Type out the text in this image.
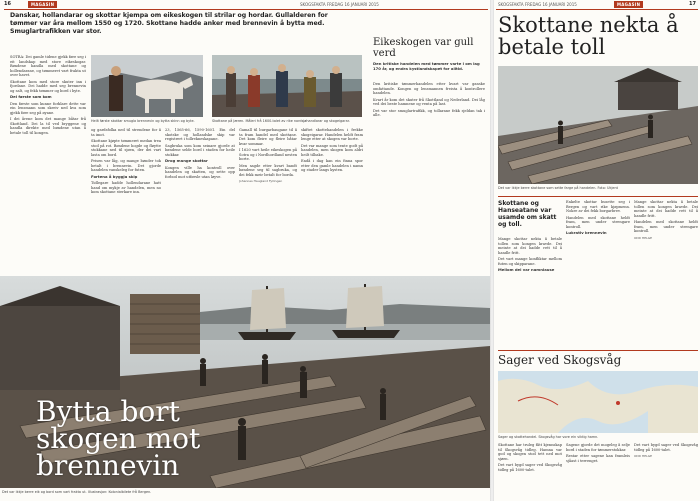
16	MAGASIN	SKOGSFAKTA FREDAG 16 JANUARI 2015
Danskar, hollandarar og skottar kjempa om eikeskogen til strilar og hordar. Gullalderen for tømmer var åra mellom 1550 og 1720. Skottane hadde anker med brennevin å bytta med. Smuglartrafikken var stor.
Heilt første skottar smugla brennevin og bytta skinn og byte.	Skottane på Jæren. Måleri frå 1600-talet av rike nordsjøhandlarar og skogeigarar.

SOTRA: Dei gamle tidene gjekk føre seg i eit landskap med store eikeskogar. Bøndene handla med skottane og hollendarane, og tømmeret vart frakta ut over havet.

Skottane kom med store skuter inn i fjordane. Dei hadde med seg brennevin og salt, og fekk tømmer og bord i byte.

Dei første som kom

Den første som kunne forklare dette var ein lensmann som skreiv ned kva som gjekk føre seg på øyane.

I dei årene kom det mange båtar frå Skottland. Dei la til ved bryggene og handla direkte med bøndene utan å betale toll til kongen.

og gardsfolka ned til strendene for å ta imot.

Skottane kjøpte tømmeret medan trea stod på rot. Bøndene hogde og fløytte stokkane ned til sjøen, der dei vart lasta om bord.

Prisen var låg, og mange bønder tok betalt i brennevin. Det gjorde handelen vanskeleg for futen.

Fortena å byggja skip

Tidlegare hadde hollendarane hatt hand om mykje av handelen, men no kom skottane sterkare inn.

23, 1565-66, 1590-1601. Ein del skotske og hollandske skip var registrert i tollrekneskapane.

Sagbruka som kom seinare gjorde at bøndene selde bord i staden for heile stokkar.

Drog mange skottar

Kongen ville ha kontroll over handelen og skatten, og sette opp forbod mot utførsle utan løyve.

Gamall til burgarbaugane til å ta fram handel med skottane. Det kom fleire og fleire båtar kvar sommar.

I 1620 vart heile eikeskogen på Sotra og i Nordhordland nesten borte.

Men sagde etter kvart bandt bøndene seg til sagbruka, og dei fekk meir betalt for borda.

Johannes Haugland Fyllingen

skiftet skottehandelen i frekke skogeigarar. Handelen heldt fram lenge etter at skogen var borte.

Det var mange som tente godt på handelen, men skogen kom aldri heilt tilbake.

Endå i dag kan ein finna spor etter den gamle handelen i namn og stader langs kysten.

Eikeskogen var gull verd
Den kritiske handelen med tømmer varte i om lag 170 år, og endra kystlandskapet for alltid.

Den kritiske tømmerhandelen etter kvart var ganske omfattande. Kongen og lensmannen freista å kontrollere handelen.

Kvart år kom det skuter frå Skottland og Nederland. Dei låg ved dei beste hamnene og venta på last.

Det var stor smuglartrafikk, og tollarane fekk sjeldan tak i alle.

Bytta bort skogen mot brennevin
SKOGSFAKTA FREDAG 16 JANUARI 2015	MAGASIN	17
Skottane nekta å betale toll
Det var ikkje berre skottane som sette farge på handelen. Foto: Ukjent
Skottane og Hanseatane var usamde om skatt og toll.

Mange skottar nekta å betale tollen som kongen kravde. Dei meinte at dei hadde rett til å handle fritt.

Det vart mange konfliktar mellom futen og skipparane.

Mellom dei var namnlause

Enkelte skottar busette seg i Bergen og vart rike kjøpmenn. Nokre av dei fekk borgarbrev.

Handelen med skottane heldt fram, men under strengare kontroll.

Lukrativ brennevin

Mange skottar nekta å betale tollen som kongen kravde. Dei meinte at dei hadde rett til å handle fritt.

Handelen med skottane heldt fram, men under strengare kontroll.

ODD HELGE

Sager ved Skogsvåg
Sager og skottehandel. Skogsvåg har vore ein viktig hamn.

Skottane har truleg fått kjennskap til Skogsvåg tidleg. Hamna var god og skogen stod tett ned mot sjøen.

Det vart bygd sager ved Skogsvåg tidleg på 1600-talet.

Sagene gjorde det mogeleg å selje bord i staden for tømmerstokkar.

Restar etter sagene kan framleis sjåast i terrenget.

Det vart bygd sager ved Skogsvåg tidleg på 1600-talet.

ODD HELGE

Det var ikkje berre eik og bord som vart frakta ut. Illustrasjon: Kolonialbilete frå Bergen.
